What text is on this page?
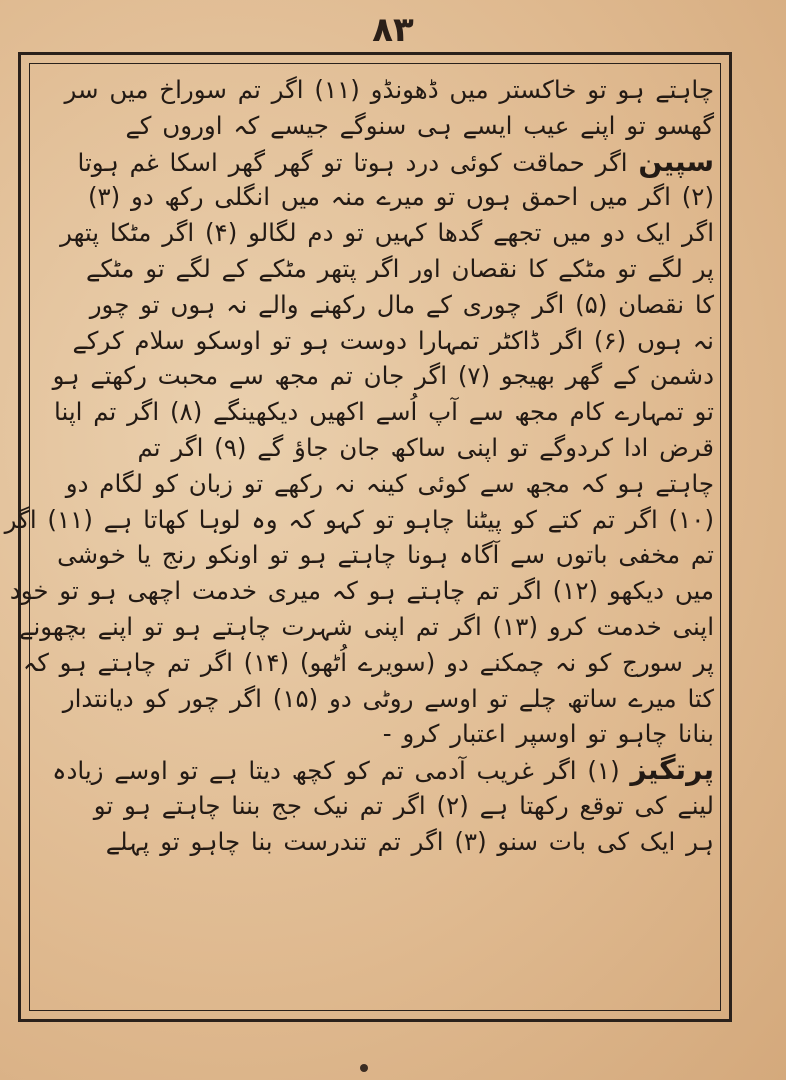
۸۳
چاہتے ہو تو خاکستر میں ڈھونڈو (۱۱) اگر تم سوراخ میں سر
گھسو تو اپنے عیب ایسے ہی سنوگے جیسے کہ اوروں کے
سپین اگر حماقت کوئی درد ہوتا تو گھر گھر اسکا غم ہوتا
(۲) اگر میں احمق ہوں تو میرے منہ میں انگلی رکھ دو (۳)
اگر ایک دو میں تجھے گدھا کہیں تو دم لگالو (۴) اگر مٹکا پتھر
پر لگے تو مٹکے کا نقصان اور اگر پتھر مٹکے کے لگے تو مٹکے
کا نقصان (۵) اگر چوری کے مال رکھنے والے نہ ہوں تو چور
نہ ہوں (۶) اگر ڈاکٹر تمہارا دوست ہو تو اوسکو سلام کرکے
دشمن کے گھر بھیجو (۷) اگر جان تم مجھ سے محبت رکھتے ہو
تو تمہارے کام مجھ سے آپ اُسے اکھیں دیکھینگے (۸) اگر تم اپنا
قرض ادا کردوگے تو اپنی ساکھ جان جاؤ گے (۹) اگر تم
چاہتے ہو کہ مجھ سے کوئی کینہ نہ رکھے تو زبان کو لگام دو
(۱۰) اگر تم کتے کو پیٹنا چاہو تو کہو کہ وہ لوہا کھاتا ہے (۱۱) اگر
تم مخفی باتوں سے آگاہ ہونا چاہتے ہو تو اونکو رنج یا خوشی
میں دیکھو (۱۲) اگر تم چاہتے ہو کہ میری خدمت اچھی ہو تو خود
اپنی خدمت کرو (۱۳) اگر تم اپنی شہرت چاہتے ہو تو اپنے بچھونے
پر سورج کو نہ چمکنے دو (سویرے اُٹھو) (۱۴) اگر تم چاہتے ہو کہ
کتا میرے ساتھ چلے تو اوسے روٹی دو (۱۵) اگر چور کو دیانتدار
بنانا چاہو تو اوسپر اعتبار کرو -
پرتگیز (۱) اگر غریب آدمی تم کو کچھ دیتا ہے تو اوسے زیادہ
لینے کی توقع رکھتا ہے (۲) اگر تم نیک جج بننا چاہتے ہو تو
ہر ایک کی بات سنو (۳) اگر تم تندرست بنا چاہو تو پہلے
